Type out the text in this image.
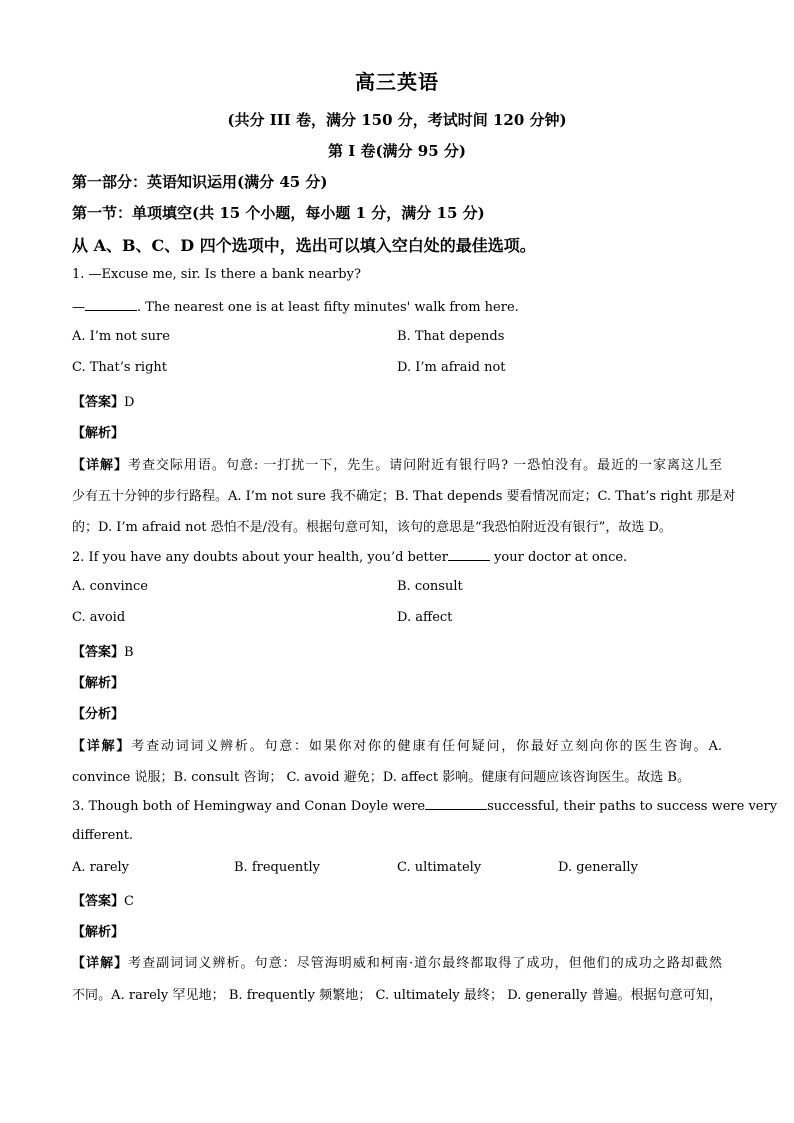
高三英语
(共分 III 卷，满分 150 分，考试时间 120 分钟)
第 I 卷(满分 95 分)
第一部分：英语知识运用(满分 45 分)
第一节：单项填空(共 15 个小题，每小题 1 分，满分 15 分)
从 A、B、C、D 四个选项中，选出可以填入空白处的最佳选项。
1. —Excuse me, sir. Is there a bank nearby?
—	. The nearest one is at least fifty minutes' walk from here.
A. I’m not sure	B. That depends
C. That’s right	D. I’m afraid not
【答案】D
【解析】
【详解】考查交际用语。句意: 一打扰一下，先生。请问附近有银行吗? 一恐怕没有。最近的一家离这儿至
少有五十分钟的步行路程。A. I’m not sure 我不确定；B. That depends 要看情况而定；C. That’s right 那是对
的；D. I’m afraid not 恐怕不是/没有。根据句意可知，该句的意思是“我恐怕附近没有银行”，故选 D。
2. If you have any doubts about your health, you’d better	your doctor at once.
A. convince	B. consult
C. avoid	D. affect
【答案】B
【解析】
【分析】
【详解】考查动词词义辨析。句意：如果你对你的健康有任何疑问，你最好立刻向你的医生咨询。A.
convince 说服；B. consult 咨询； C. avoid 避免；D. affect 影响。健康有问题应该咨询医生。故选 B。
3. Though both of Hemingway and Conan Doyle were	successful, their paths to success were very
different.
A. rarely	B. frequently	C. ultimately	D. generally
【答案】C
【解析】
【详解】考查副词词义辨析。句意：尽管海明威和柯南·道尔最终都取得了成功，但他们的成功之路却截然
不同。A. rarely 罕见地； B. frequently 频繁地； C. ultimately 最终； D. generally 普遍。根据句意可知，
